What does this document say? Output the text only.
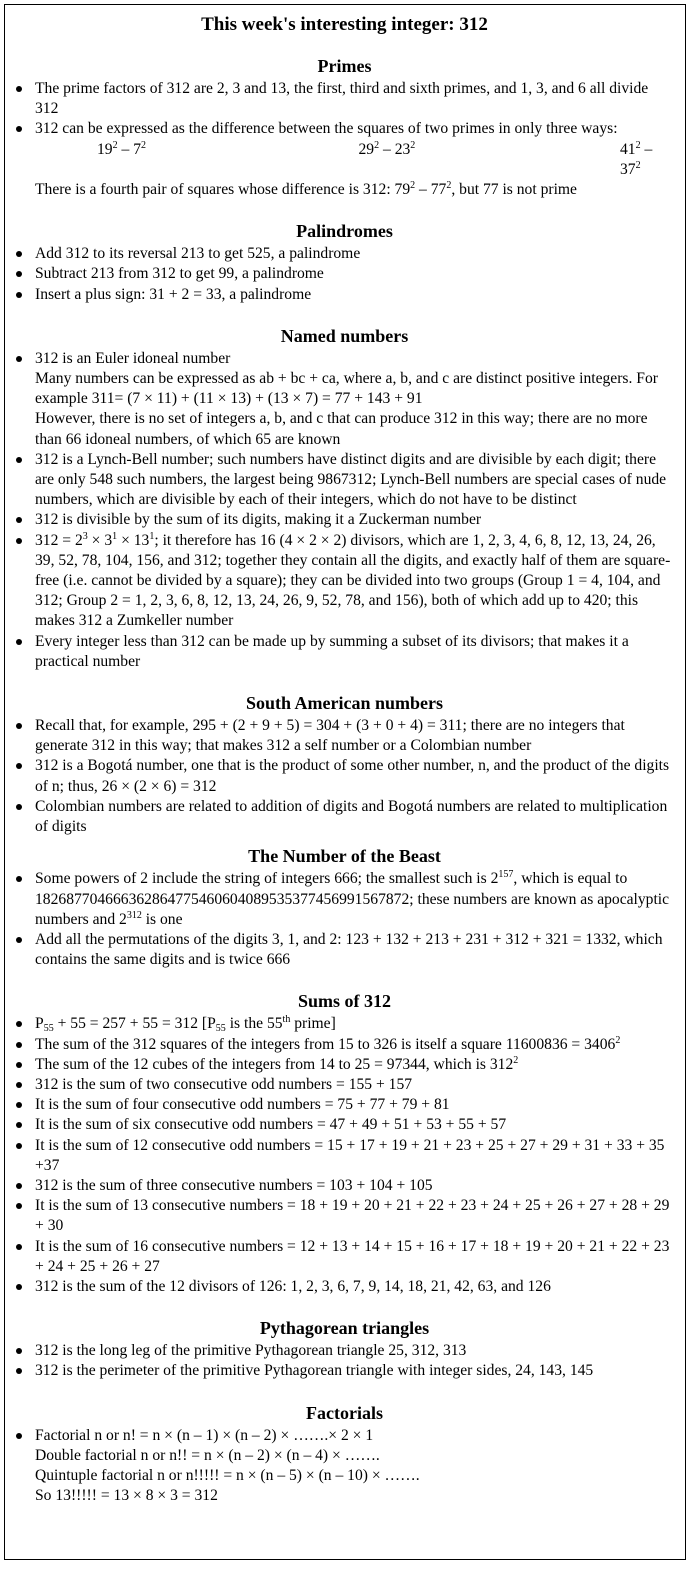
This week's interesting integer: 312
Primes
The prime factors of 312 are 2, 3 and 13, the first, third and sixth primes, and 1, 3, and 6 all divide 312
312 can be expressed as the difference between the squares of two primes in only three ways:
$19^2 - 7^2$	$29^2 - 23^2$	$41^2 - 37^2$
There is a fourth pair of squares whose difference is 312: $79^2 - 77^2$, but 77 is not prime
Palindromes
Add 312 to its reversal 213 to get 525, a palindrome
Subtract 213 from 312 to get 99, a palindrome
Insert a plus sign: 31 + 2 = 33, a palindrome
Named numbers
312 is an Euler idoneal number
Many numbers can be expressed as ab + bc + ca, where a, b, and c are distinct positive integers. For example 311= (7 × 11) + (11 × 13) + (13 × 7) = 77 + 143 + 91
However, there is no set of integers a, b, and c that can produce 312 in this way; there are no more than 66 idoneal numbers, of which 65 are known
312 is a Lynch-Bell number; such numbers have distinct digits and are divisible by each digit; there are only 548 such numbers, the largest being 9867312; Lynch-Bell numbers are special cases of nude numbers, which are divisible by each of their integers, which do not have to be distinct
312 is divisible by the sum of its digits, making it a Zuckerman number
$312 = 2^3 \times 3^1 \times 13^1$; it therefore has 16 (4 × 2 × 2) divisors, which are 1, 2, 3, 4, 6, 8, 12, 13, 24, 26, 39, 52, 78, 104, 156, and 312; together they contain all the digits, and exactly half of them are square-free (i.e. cannot be divided by a square); they can be divided into two groups (Group 1 = 4, 104, and 312; Group 2 = 1, 2, 3, 6, 8, 12, 13, 24, 26, 9, 52, 78, and 156), both of which add up to 420; this makes 312 a Zumkeller number
Every integer less than 312 can be made up by summing a subset of its divisors; that makes it a practical number
South American numbers
Recall that, for example, 295 + (2 + 9 + 5) = 304 + (3 + 0 + 4) = 311; there are no integers that generate 312 in this way; that makes 312 a self number or a Colombian number
312 is a Bogotá number, one that is the product of some other number, n, and the product of the digits of n; thus, 26 × (2 × 6) = 312
Colombian numbers are related to addition of digits and Bogotá numbers are related to multiplication of digits
The Number of the Beast
Some powers of 2 include the string of integers 666; the smallest such is $2^{157}$, which is equal to 182687704666362864775460604089535377456991567872; these numbers are known as apocalyptic numbers and $2^{312}$ is one
Add all the permutations of the digits 3, 1, and 2: 123 + 132 + 213 + 231 + 312 + 321 = 1332, which contains the same digits and is twice 666
Sums of 312
$P_{55} + 55 = 257 + 55 = 312$ [$P_{55}$ is the 55th prime]
The sum of the 312 squares of the integers from 15 to 326 is itself a square $11600836 = 3406^2$
The sum of the 12 cubes of the integers from 14 to 25 = 97344, which is $312^2$
312 is the sum of two consecutive odd numbers = 155 + 157
It is the sum of four consecutive odd numbers = 75 + 77 + 79 + 81
It is the sum of six consecutive odd numbers = 47 + 49 + 51 + 53 + 55 + 57
It is the sum of 12 consecutive odd numbers = 15 + 17 + 19 + 21 + 23 + 25 + 27 + 29 + 31 + 33 + 35 +37
312 is the sum of three consecutive numbers = 103 + 104 + 105
It is the sum of 13 consecutive numbers = 18 + 19 + 20 + 21 + 22 + 23 + 24 + 25 + 26 + 27 + 28 + 29 + 30
It is the sum of 16 consecutive numbers = 12 + 13 + 14 + 15 + 16 + 17 + 18 + 19 + 20 + 21 + 22 + 23 + 24 + 25 + 26 + 27
312 is the sum of the 12 divisors of 126: 1, 2, 3, 6, 7, 9, 14, 18, 21, 42, 63, and 126
Pythagorean triangles
312 is the long leg of the primitive Pythagorean triangle 25, 312, 313
312 is the perimeter of the primitive Pythagorean triangle with integer sides, 24, 143, 145
Factorials
Factorial n or n! = n × (n – 1) × (n – 2) × …….× 2 × 1
Double factorial n or n!! = n × (n – 2) × (n – 4) × …….
Quintuple factorial n or n!!!!! = n × (n – 5) × (n – 10) × …….
So 13!!!!! = 13 × 8 × 3 = 312
